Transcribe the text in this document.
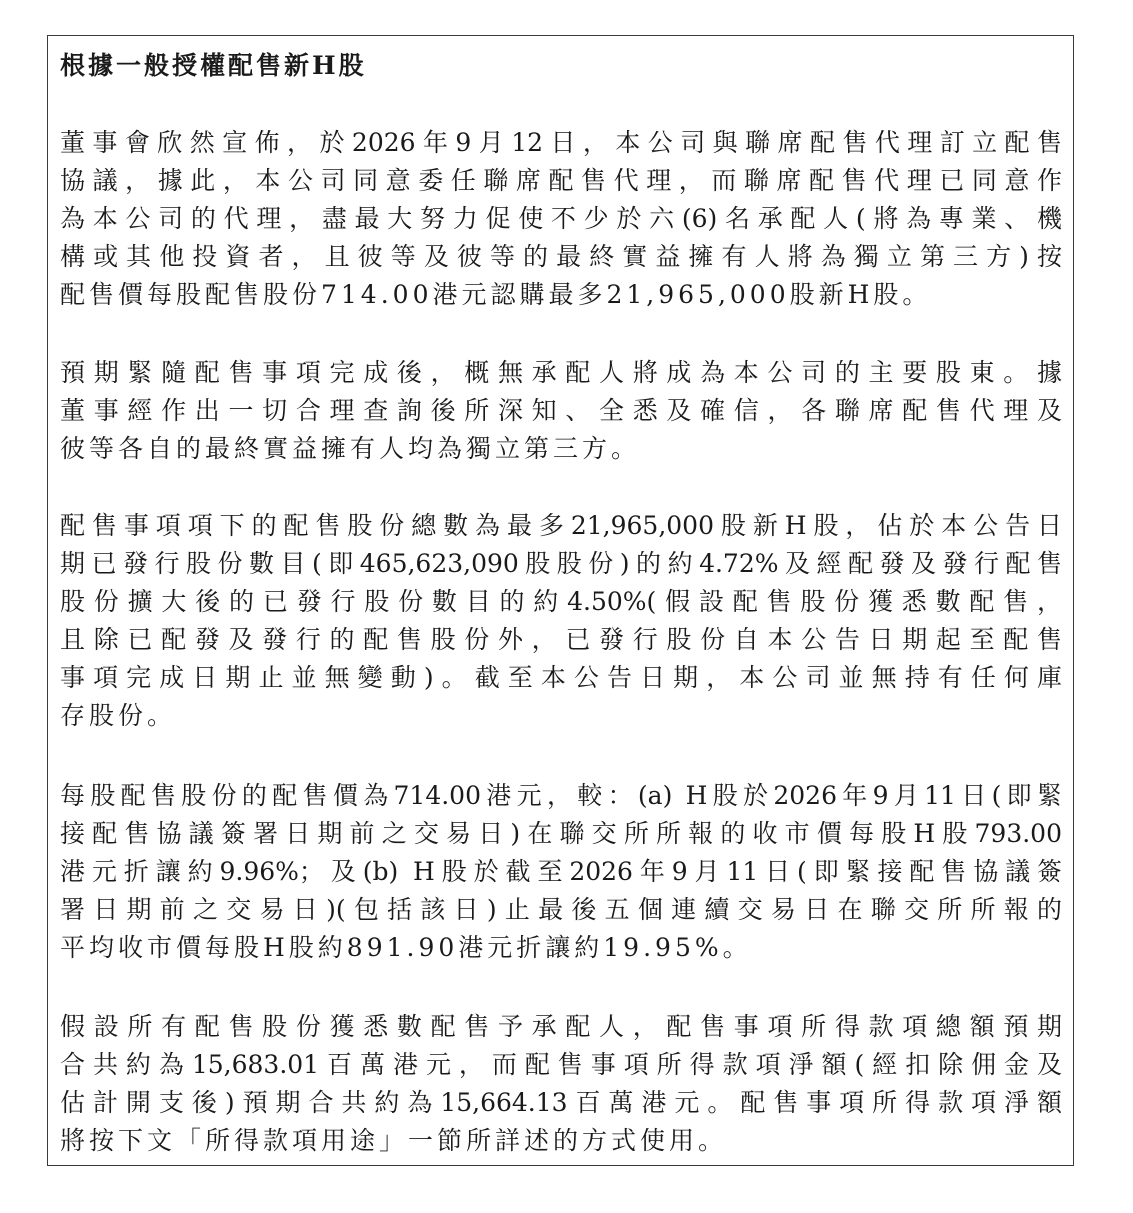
根據一般授權配售新H股
董事會欣然宣佈，於2026年9月12日，本公司與聯席配售代理訂立配售
協議，據此，本公司同意委任聯席配售代理，而聯席配售代理已同意作
為本公司的代理，盡最大努力促使不少於六(6)名承配人(將為專業、機
構或其他投資者，且彼等及彼等的最終實益擁有人將為獨立第三方)按
配售價每股配售股份714.00港元認購最多21,965,000股新H股。
預期緊隨配售事項完成後，概無承配人將成為本公司的主要股東。據
董事經作出一切合理查詢後所深知、全悉及確信，各聯席配售代理及
彼等各自的最終實益擁有人均為獨立第三方。
配售事項項下的配售股份總數為最多21,965,000股新H股，佔於本公告日
期已發行股份數目(即465,623,090股股份)的約4.72%及經配發及發行配售
股份擴大後的已發行股份數目的約4.50%(假設配售股份獲悉數配售，
且除已配發及發行的配售股份外，已發行股份自本公告日期起至配售
事項完成日期止並無變動)。截至本公告日期，本公司並無持有任何庫
存股份。
每股配售股份的配售價為714.00港元，較：(a) H股於2026年9月11日(即緊
接配售協議簽署日期前之交易日)在聯交所所報的收市價每股H股793.00
港元折讓約9.96%；及(b) H股於截至2026年9月11日(即緊接配售協議簽
署日期前之交易日)(包括該日)止最後五個連續交易日在聯交所所報的
平均收市價每股H股約891.90港元折讓約19.95%。
假設所有配售股份獲悉數配售予承配人，配售事項所得款項總額預期
合共約為15,683.01百萬港元，而配售事項所得款項淨額(經扣除佣金及
估計開支後)預期合共約為15,664.13百萬港元。配售事項所得款項淨額
將按下文「所得款項用途」一節所詳述的方式使用。
